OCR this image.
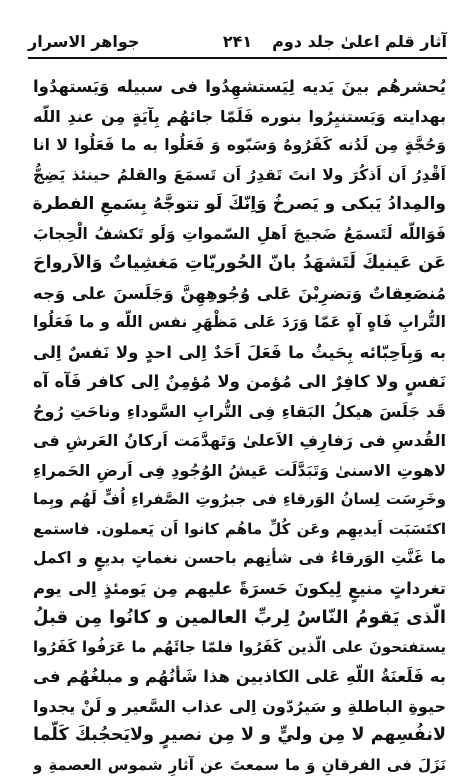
آثار قلم اعلیٰ جلد دوم
۲۴۱
جواهر الاسرار
يُحشرهُم بينَ يَديه لِيَستشهِدُوا فى سبيله وَيَستهدُوا
بهدايته وَيَستنيِرُوا بنوره فَلَمّا جائهُم بِآيَةٍ مِن عندِ اللّه
وَحُجَّةٍ مِن لَدُنه كَفَرُوهُ وَسَبّوه وَ فَعَلُوا به ما فَعَلُوا لا انا
اَقْدِرُ اَن اَذكُرَ ولا انتَ تَقدِرُ اَن تَسمَعَ والقلمُ حينئذ يَضِجُّ
والمِدادُ يَبكى و يَصرخُ وَاِنّكَ لَو تتوجَّهُ بِسَمعِ الفطرة
فَوَاللّه لَتَسمَعُ ضَجيجَ اَهلِ السّمواتِ وَلَو تَكشفُ الْحِجابَ
عَن عَينيكَ لَتَشهَدُ بانّ الحُوريّاتِ مَغشِياتٌ وَالاَرواحَ
مُنصَعِقاتٌ وَتضرِبْنَ عَلى وُجُوهِهِنَّ وَجَلَسنَ على وَجه
التُّرابِ فَاهٍ آهٍ عَمّا وَرَدَ عَلى مَظْهَرِ نفس اللّه و ما فَعَلُوا
به وَبِاَحِبّائه بِحَيثُ ما فَعَلَ اَحَدٌ اِلى احدٍ ولا نَفسٌ اِلى
نَفسٍ ولا كافِرٌ الى مُؤمن ولا مُؤمِنٌ اِلى كافر فَآه آه
قَد جَلَسَ هيكلُ البَقاءِ فِى التُّرابِ السَّوداءِ وناحَتِ رُوحُ
القُدسِ فى رَفارِفِ الاَعلىٰ وَتَهدَّمَت اَركانُ العَرشِ فى
لاهوتِ الاسنىٰ وَتَبَدَّلَت عَيشُ الوُجُودِ فِى اَرضِ الحَمراءِ
وخَرِسَت لِسانُ الوَرقاءِ فى جبرُوتِ الصَّفراءِ اُفٍّ لَهُم وبِما
اكتَسَبَت اَيديهِم وعَن كُلِّ ماهُم كانوا اَن يَعملون. فاستمع
ما غَنَّتِ الوَرقاءُ فى شأنِهم باحسن نغماتٍ بديعٍ و اكمل
تغرداتٍ منيعٍ لِيكونَ حَسرَةً عليهم مِن يَومئذٍ اِلى يوم
الّذى يَقومُ النّاسُ لِربِّ العالمين و كانُوا مِن قبلُ
يستفتحونَ على الّذين كَفَرُوا فلمّا جائَهُم ما عَرَفُوا كَفَرُوا
به فَلَعنَةُ اللّهِ عَلى الكاذبين هذا شَأنُهُم و مبلغُهُم فى
حيوةِ الباطلةِ و سَيرُدّون اِلى عذاب السَّعير و لَنْ يجدوا
لانفُسِهم لا مِن وليٍّ و لا مِن نصيرٍ ولايَحجُبكَ كَلّما
نَزَلَ فى الفرقانِ وَ ما سمعتَ عن آثارِ شموس العصمةِ و
